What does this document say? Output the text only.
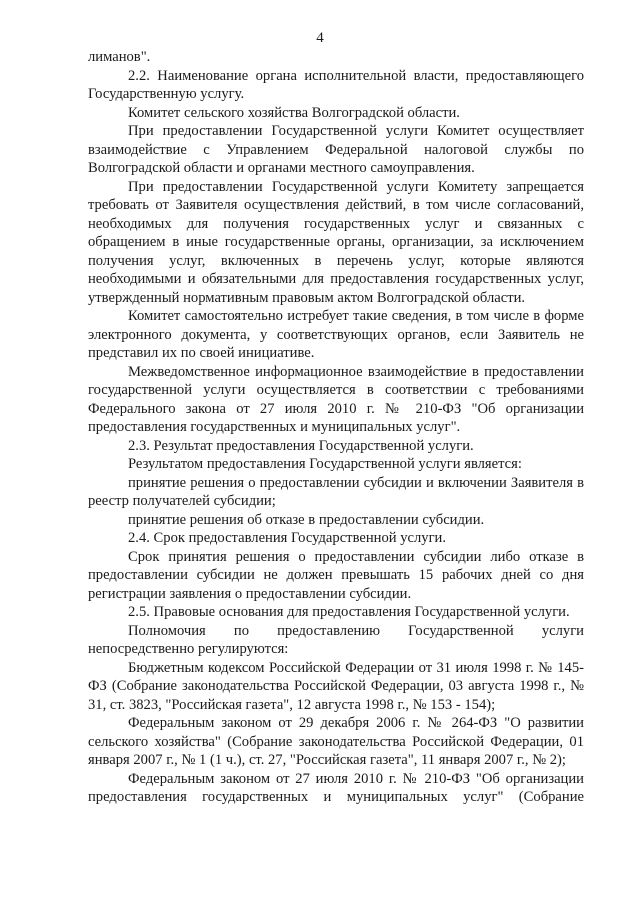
4

лиманов".

2.2. Наименование органа исполнительной власти, предоставляющего Государственную услугу.

Комитет сельского хозяйства Волгоградской области.

При предоставлении Государственной услуги Комитет осуществляет взаимодействие с Управлением Федеральной налоговой службы по Волгоградской области и органами местного самоуправления.

При предоставлении Государственной услуги Комитету запрещается требовать от Заявителя осуществления действий, в том числе согласований, необходимых для получения государственных услуг и связанных с обращением в иные государственные органы, организации, за исключением получения услуг, включенных в перечень услуг, которые являются необходимыми и обязательными для предоставления государственных услуг, утвержденный нормативным правовым актом Волгоградской области.

Комитет самостоятельно истребует такие сведения, в том числе в форме электронного документа, у соответствующих органов, если Заявитель не представил их по своей инициативе.

Межведомственное информационное взаимодействие в предоставлении государственной услуги осуществляется в соответствии с требованиями Федерального закона от 27 июля 2010 г. № 210-ФЗ "Об организации предоставления государственных и муниципальных услуг".

2.3. Результат предоставления Государственной услуги.

Результатом предоставления Государственной услуги является:

принятие решения о предоставлении субсидии и включении Заявителя в реестр получателей субсидии;

принятие решения об отказе в предоставлении субсидии.

2.4. Срок предоставления Государственной услуги.

Срок принятия решения о предоставлении субсидии либо отказе в предоставлении субсидии не должен превышать 15 рабочих дней со дня регистрации заявления о предоставлении субсидии.

2.5. Правовые основания для предоставления Государственной услуги.

Полномочия по предоставлению Государственной услуги непосредственно регулируются:

Бюджетным кодексом Российской Федерации от 31 июля 1998 г. № 145-ФЗ (Собрание законодательства Российской Федерации, 03 августа 1998 г., № 31, ст. 3823, "Российская газета", 12 августа 1998 г., № 153 - 154);

Федеральным законом от 29 декабря 2006 г. № 264-ФЗ "О развитии сельского хозяйства" (Собрание законодательства Российской Федерации, 01 января 2007 г., № 1 (1 ч.), ст. 27, "Российская газета", 11 января 2007 г., № 2);

Федеральным законом от 27 июля 2010 г. № 210-ФЗ "Об организации предоставления государственных и муниципальных услуг" (Собрание
